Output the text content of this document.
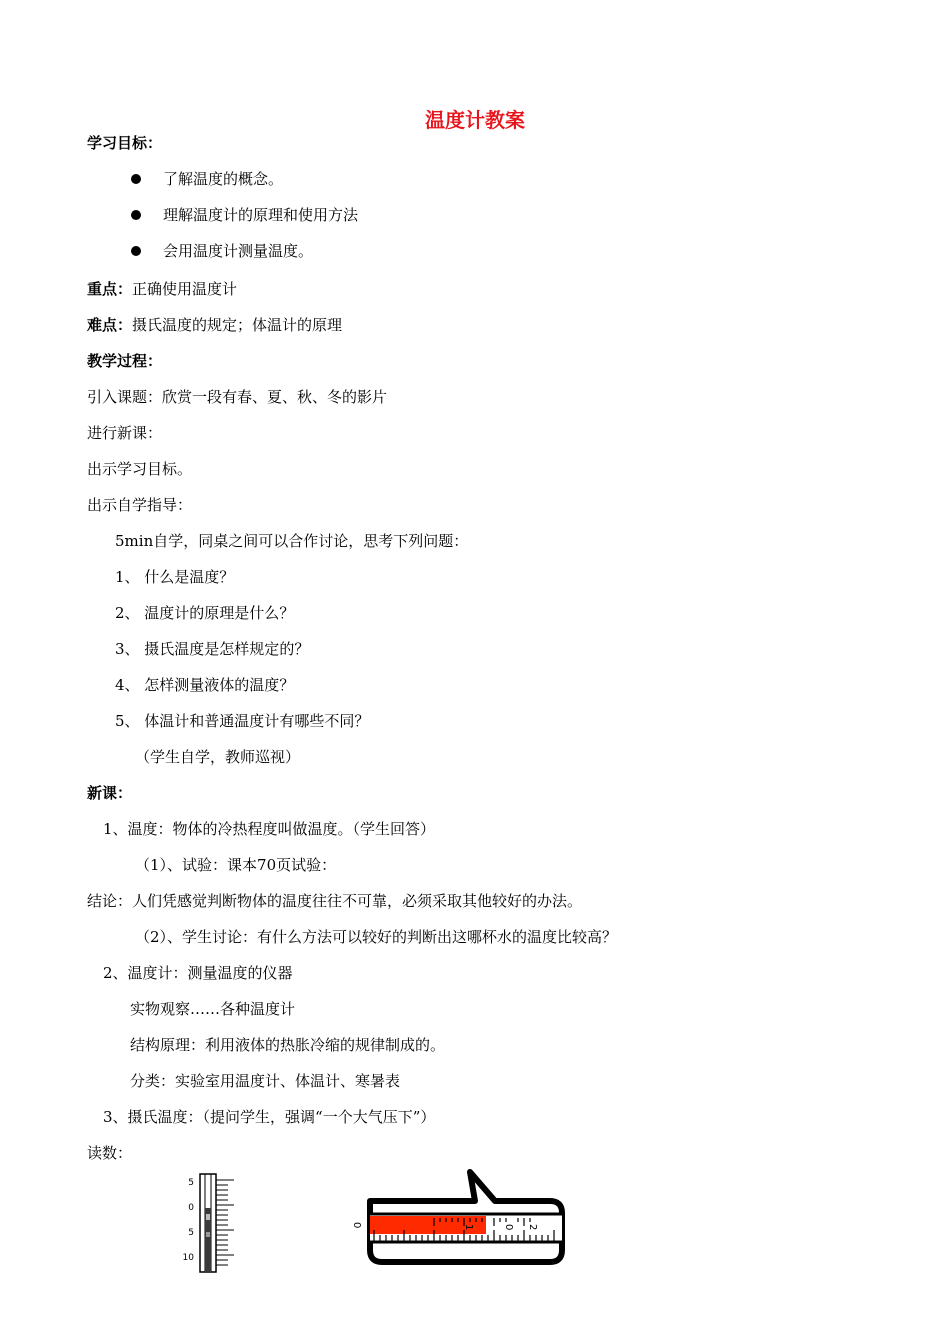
温度计教案
学习目标：
了解温度的概念。
理解温度计的原理和使用方法
会用温度计测量温度。
重点：正确使用温度计
难点：摄氏温度的规定；体温计的原理
教学过程：
引入课题：欣赏一段有春、夏、秋、冬的影片
进行新课：
出示学习目标。
出示自学指导：
5min自学，同桌之间可以合作讨论，思考下列问题：
1、 什么是温度？
2、 温度计的原理是什么？
3、 摄氏温度是怎样规定的？
4、 怎样测量液体的温度？
5、 体温计和普通温度计有哪些不同？
（学生自学，教师巡视）
新课：
1、温度：物体的冷热程度叫做温度。（学生回答）
（1）、试验：课本70页试验：
结论：人们凭感觉判断物体的温度往往不可靠，必须采取其他较好的办法。
（2）、学生讨论：有什么方法可以较好的判断出这哪杯水的温度比较高？
2、温度计：测量温度的仪器
实物观察……各种温度计
结构原理：利用液体的热胀冷缩的规律制成的。
分类：实验室用温度计、体温计、寒暑表
3、摄氏温度：（提问学生，强调“一个大气压下”）
读数：
5
0
5
10
1	0 2
0
